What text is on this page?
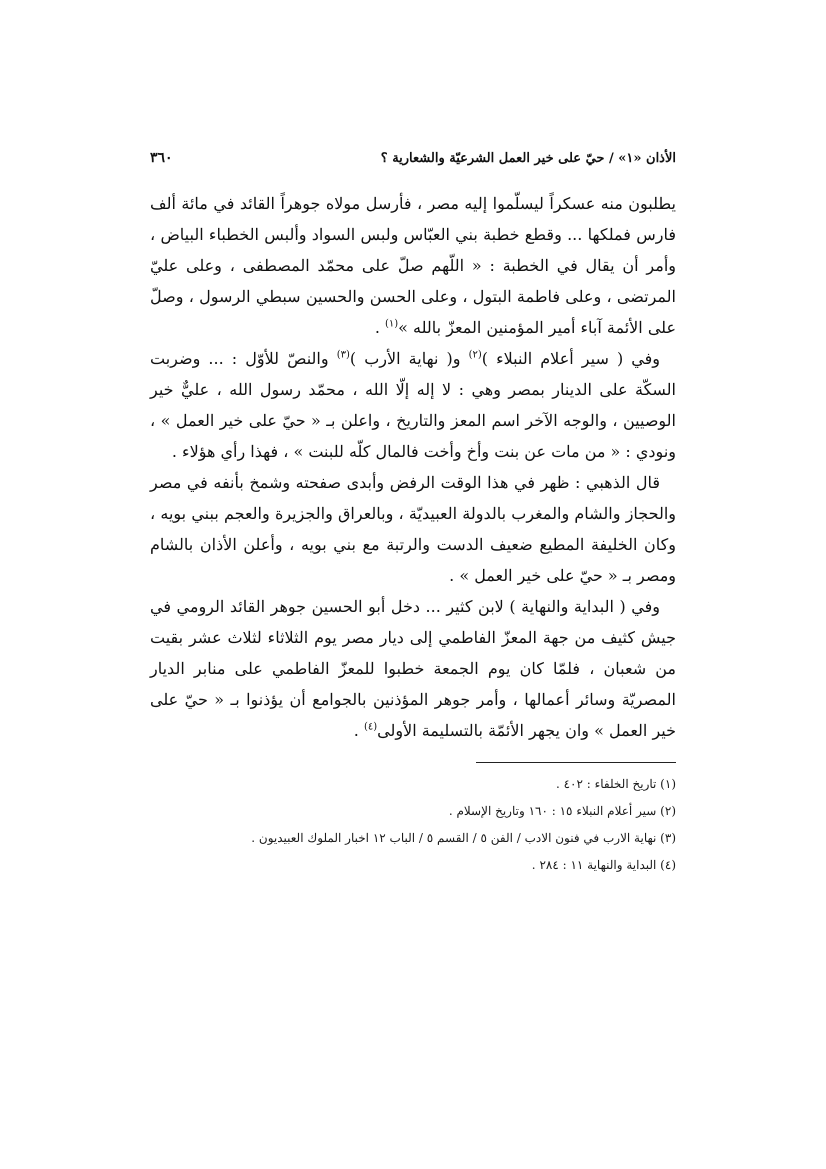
الأذان «١» / حيّ على خير العمل الشرعيّة والشعارية ؟
٣٦٠

يطلبون منه عسكراً ليسلّموا إليه مصر ، فأرسل مولاه جوهراً القائد في مائة ألف فارس فملكها ... وقطع خطبة بني العبّاس ولبس السواد وألبس الخطباء البياض ، وأمر أن يقال في الخطبة : « اللّهم صلّ على محمّد المصطفى ، وعلى عليّ المرتضى ، وعلى فاطمة البتول ، وعلى الحسن والحسين سبطي الرسول ، وصلّ على الأئمة آباء أمير المؤمنين المعزّ بالله »$^{(١)}$ .

وفي ( سير أعلام النبلاء )$^{(٢)}$ و( نهاية الأرب )$^{(٣)}$ والنصّ للأوّل : ... وضربت السكّة على الدينار بمصر وهي : لا إله إلّا الله ، محمّد رسول الله ، عليٌّ خير الوصيين ، والوجه الآخر اسم المعز والتاريخ ، واعلن بـ « حيّ على خير العمل » ، ونودي : « من مات عن بنت وأخ وأخت فالمال كلّه للبنت » ، فهذا رأي هؤلاء .

قال الذهبي : ظهر في هذا الوقت الرفض وأبدى صفحته وشمخ بأنفه في مصر والحجاز والشام والمغرب بالدولة العبيديّة ، وبالعراق والجزيرة والعجم ببني بويه ، وكان الخليفة المطيع ضعيف الدست والرتبة مع بني بويه ، وأعلن الأذان بالشام ومصر بـ « حيّ على خير العمل » .

وفي ( البداية والنهاية ) لابن كثير ... دخل أبو الحسين جوهر القائد الرومي في جيش كثيف من جهة المعزّ الفاطمي إلى ديار مصر يوم الثلاثاء لثلاث عشر بقيت من شعبان ، فلمّا كان يوم الجمعة خطبوا للمعزّ الفاطمي على منابر الديار المصريّة وسائر أعمالها ، وأمر جوهر المؤذنين بالجوامع أن يؤذنوا بـ « حيّ على خير العمل » وان يجهر الأئمّة بالتسليمة الأولى$^{(٤)}$ .

(١) تاريخ الخلفاء : ٤٠٢ .
(٢) سير أعلام النبلاء ١٥ : ١٦٠ وتاريخ الإسلام .
(٣) نهاية الارب في فنون الادب / الفن ٥ / القسم ٥ / الباب ١٢ اخبار الملوك العبيديون .
(٤) البداية والنهاية ١١ : ٢٨٤ .
